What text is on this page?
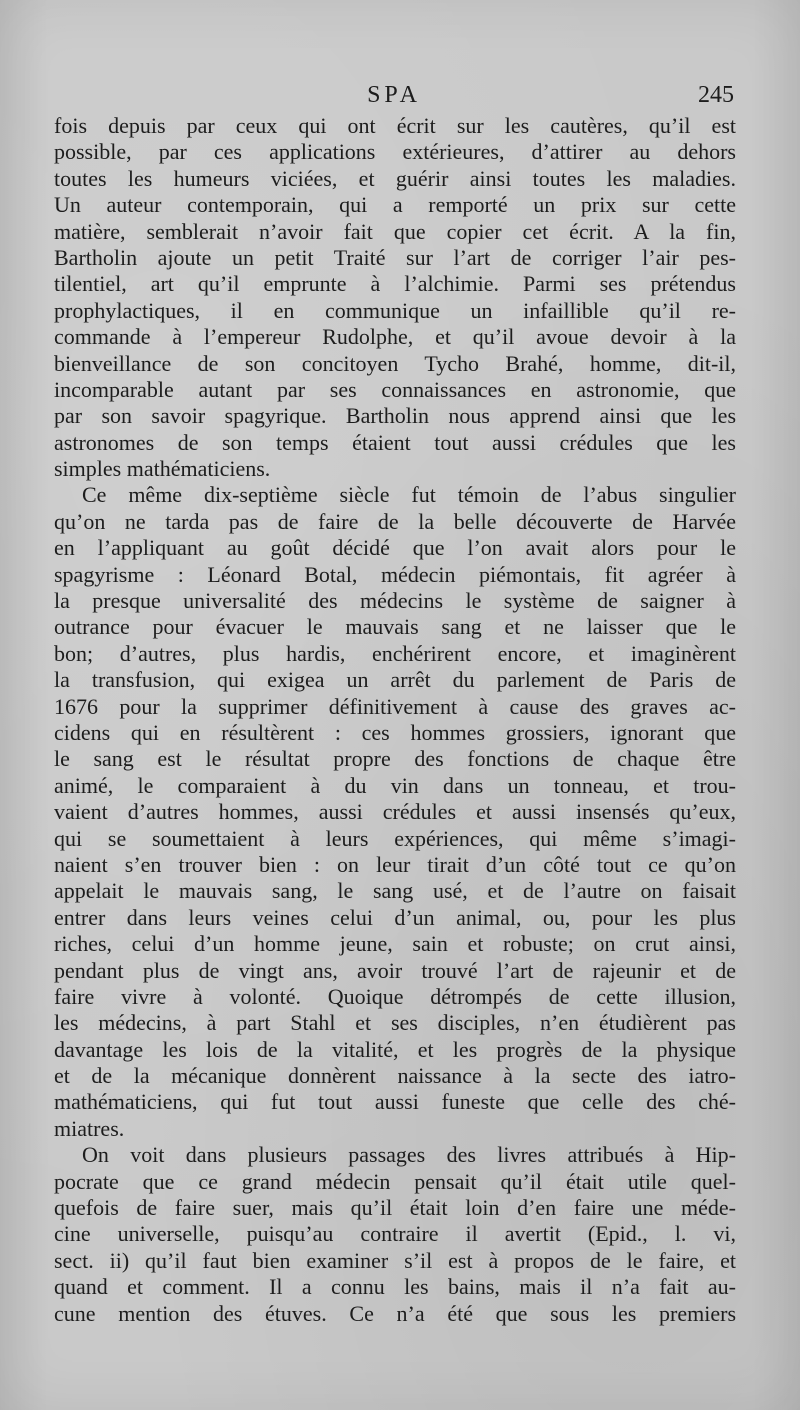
SPA	245
fois depuis par ceux qui ont écrit sur les cautères, qu’il est
possible, par ces applications extérieures, d’attirer au dehors
toutes les humeurs viciées, et guérir ainsi toutes les maladies.
Un auteur contemporain, qui a remporté un prix sur cette
matière, semblerait n’avoir fait que copier cet écrit. A la fin,
Bartholin ajoute un petit Traité sur l’art de corriger l’air pes-
tilentiel, art qu’il emprunte à l’alchimie. Parmi ses prétendus
prophylactiques, il en communique un infaillible qu’il re-
commande à l’empereur Rudolphe, et qu’il avoue devoir à la
bienveillance de son concitoyen Tycho Brahé, homme, dit-il,
incomparable autant par ses connaissances en astronomie, que
par son savoir spagyrique. Bartholin nous apprend ainsi que les
astronomes de son temps étaient tout aussi crédules que les
simples mathématiciens.
Ce même dix-septième siècle fut témoin de l’abus singulier
qu’on ne tarda pas de faire de la belle découverte de Harvée
en l’appliquant au goût décidé que l’on avait alors pour le
spagyrisme : Léonard Botal, médecin piémontais, fit agréer à
la presque universalité des médecins le système de saigner à
outrance pour évacuer le mauvais sang et ne laisser que le
bon; d’autres, plus hardis, enchérirent encore, et imaginèrent
la transfusion, qui exigea un arrêt du parlement de Paris de
1676 pour la supprimer définitivement à cause des graves ac-
cidens qui en résultèrent : ces hommes grossiers, ignorant que
le sang est le résultat propre des fonctions de chaque être
animé, le comparaient à du vin dans un tonneau, et trou-
vaient d’autres hommes, aussi crédules et aussi insensés qu’eux,
qui se soumettaient à leurs expériences, qui même s’imagi-
naient s’en trouver bien : on leur tirait d’un côté tout ce qu’on
appelait le mauvais sang, le sang usé, et de l’autre on faisait
entrer dans leurs veines celui d’un animal, ou, pour les plus
riches, celui d’un homme jeune, sain et robuste; on crut ainsi,
pendant plus de vingt ans, avoir trouvé l’art de rajeunir et de
faire vivre à volonté. Quoique détrompés de cette illusion,
les médecins, à part Stahl et ses disciples, n’en étudièrent pas
davantage les lois de la vitalité, et les progrès de la physique
et de la mécanique donnèrent naissance à la secte des iatro-
mathématiciens, qui fut tout aussi funeste que celle des ché-
miatres.
On voit dans plusieurs passages des livres attribués à Hip-
pocrate que ce grand médecin pensait qu’il était utile quel-
quefois de faire suer, mais qu’il était loin d’en faire une méde-
cine universelle, puisqu’au contraire il avertit (Epid., l. vi,
sect. ii) qu’il faut bien examiner s’il est à propos de le faire, et
quand et comment. Il a connu les bains, mais il n’a fait au-
cune mention des étuves. Ce n’a été que sous les premiers
